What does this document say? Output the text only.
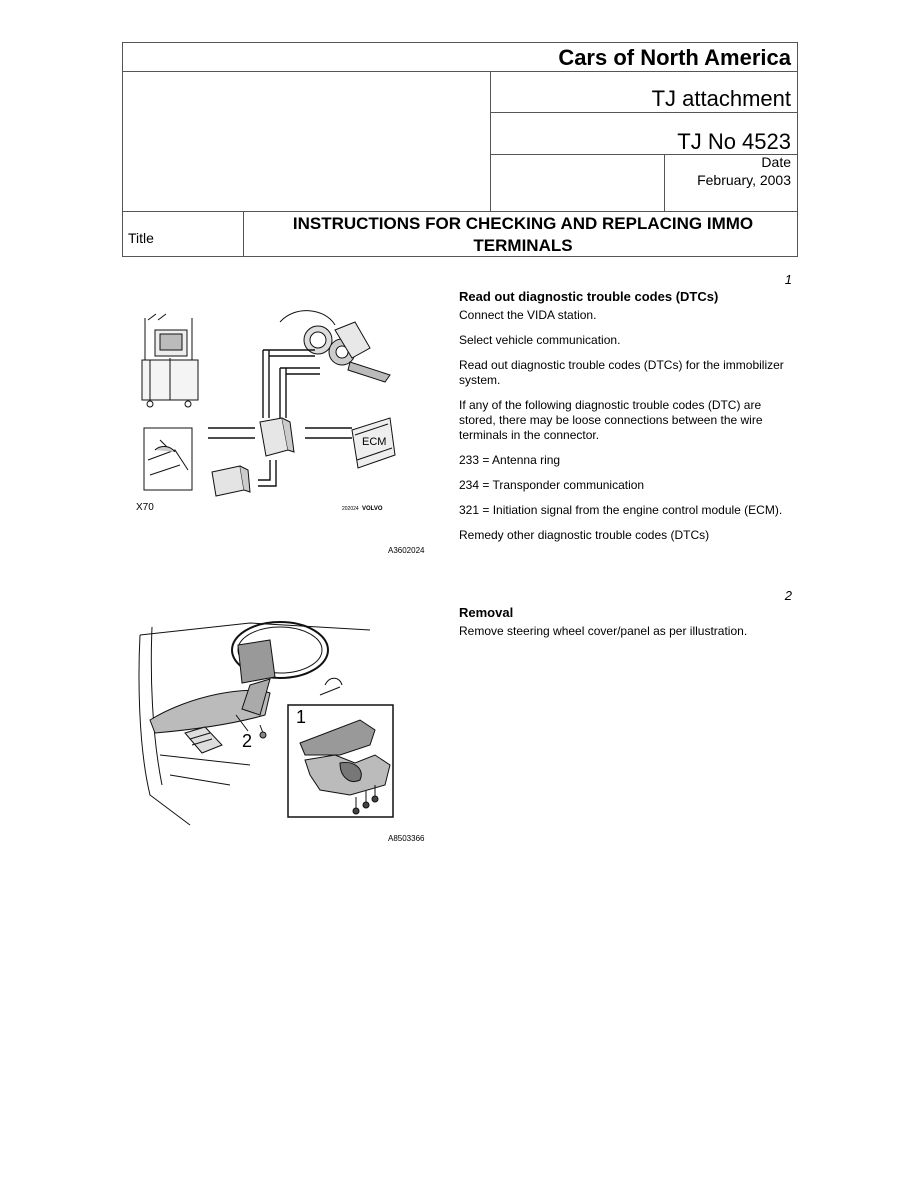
Cars of North America
TJ attachment
TJ No 4523
Date
February, 2003
Title
INSTRUCTIONS FOR CHECKING AND REPLACING IMMO TERMINALS
1
Read out diagnostic trouble codes (DTCs)

Connect the VIDA station.

Select vehicle communication.

Read out diagnostic trouble codes (DTCs) for the immobilizer system.

If any of the following diagnostic trouble codes (DTC) are stored, there may be loose connections between the wire terminals in the connector.

233 = Antenna ring

234 = Transponder communication

321 = Initiation signal from the engine control module (ECM).

Remedy other diagnostic trouble codes (DTCs)

ECM
202024 VOLVO
X70
A3602024
2
Removal

Remove steering wheel cover/panel as per illustration.

1
2
A8503366
